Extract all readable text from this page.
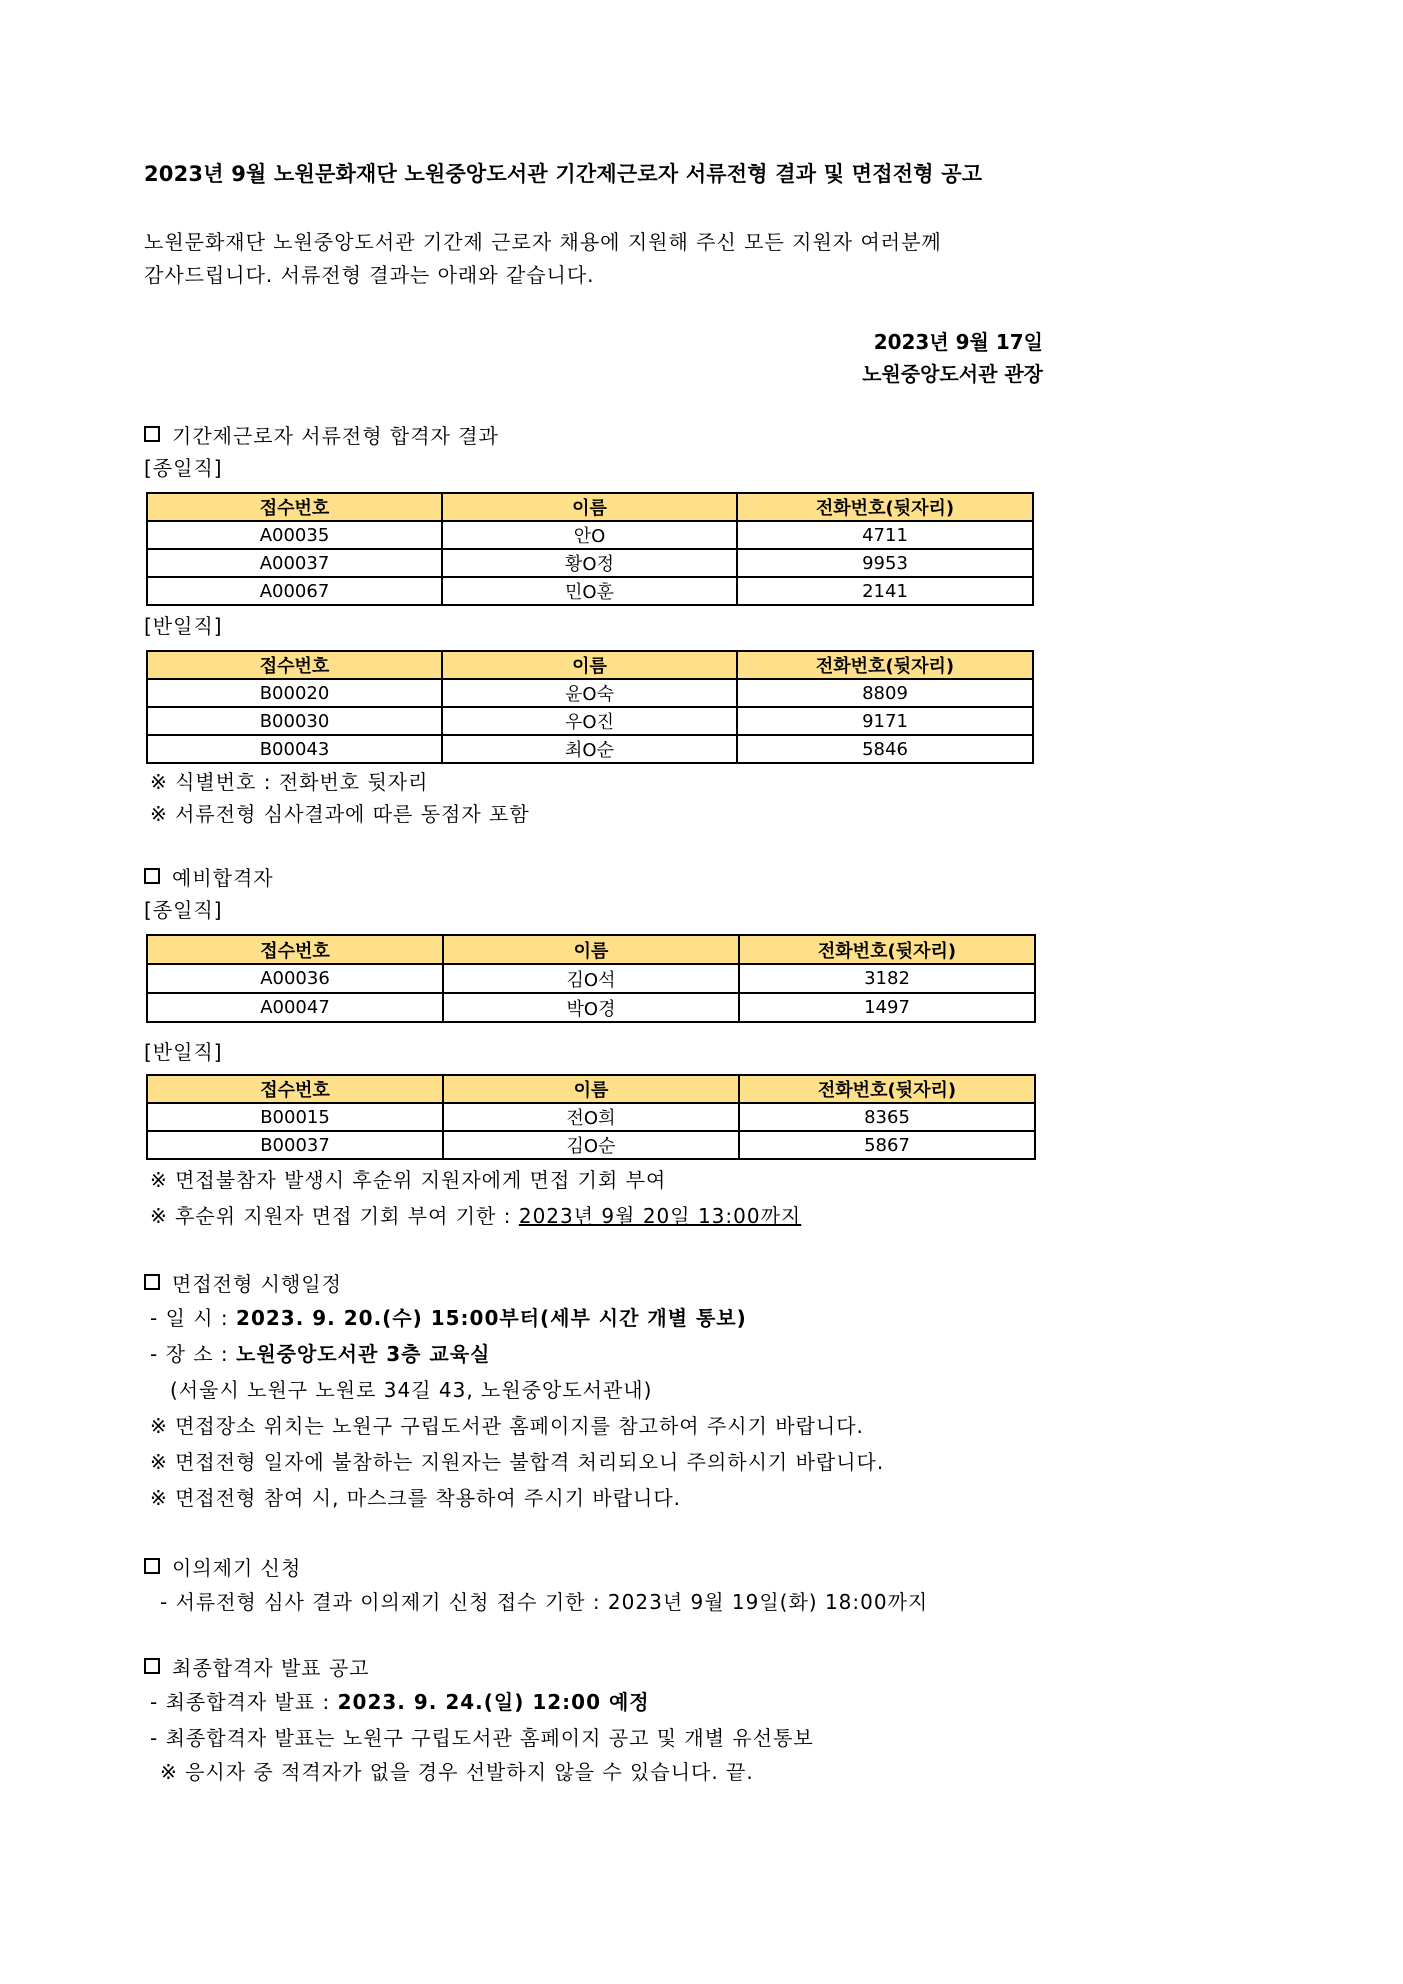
2023년 9월 노원문화재단 노원중앙도서관 기간제근로자 서류전형 결과 및 면접전형 공고
노원문화재단 노원중앙도서관 기간제 근로자 채용에 지원해 주신 모든 지원자 여러분께
감사드립니다. 서류전형 결과는 아래와 같습니다.
2023년 9월 17일
노원중앙도서관 관장
기간제근로자 서류전형 합격자 결과
[종일직]
접수번호	이름	전화번호(뒷자리)
A00035	안O	4711
A00037	황O정	9953
A00067	민O훈	2141
[반일직]
접수번호	이름	전화번호(뒷자리)
B00020	윤O숙	8809
B00030	우O진	9171
B00043	최O순	5846
※ 식별번호 : 전화번호 뒷자리
※ 서류전형 심사결과에 따른 동점자 포함
예비합격자
[종일직]
접수번호	이름	전화번호(뒷자리)
A00036	김O석	3182
A00047	박O경	1497
[반일직]
접수번호	이름	전화번호(뒷자리)
B00015	전O희	8365
B00037	김O순	5867
※ 면접불참자 발생시 후순위 지원자에게 면접 기회 부여
※ 후순위 지원자 면접 기회 부여 기한 : 2023년 9월 20일 13:00까지
면접전형 시행일정
- 일 시 : 2023. 9. 20.(수) 15:00부터(세부 시간 개별 통보)
- 장 소 : 노원중앙도서관 3층 교육실
(서울시 노원구 노원로 34길 43, 노원중앙도서관내)
※ 면접장소 위치는 노원구 구립도서관 홈페이지를 참고하여 주시기 바랍니다.
※ 면접전형 일자에 불참하는 지원자는 불합격 처리되오니 주의하시기 바랍니다.
※ 면접전형 참여 시, 마스크를 착용하여 주시기 바랍니다.
이의제기 신청
- 서류전형 심사 결과 이의제기 신청 접수 기한 : 2023년 9월 19일(화) 18:00까지
최종합격자 발표 공고
- 최종합격자 발표 : 2023. 9. 24.(일) 12:00 예정
- 최종합격자 발표는 노원구 구립도서관 홈페이지 공고 및 개별 유선통보
※ 응시자 중 적격자가 없을 경우 선발하지 않을 수 있습니다. 끝.
